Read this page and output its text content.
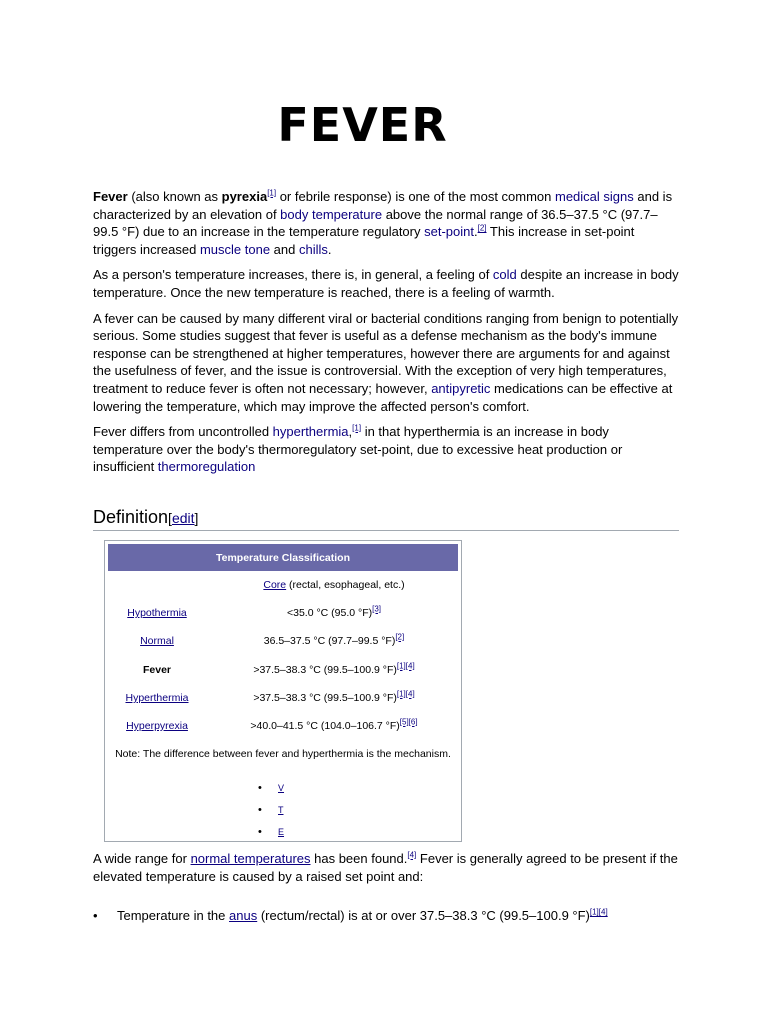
FEVER

Fever (also known as pyrexia[1] or febrile response) is one of the most common medical signs and is characterized by an elevation of body temperature above the normal range of 36.5–37.5 °C (97.7–99.5 °F) due to an increase in the temperature regulatory set-point.[2] This increase in set-point triggers increased muscle tone and chills.

As a person's temperature increases, there is, in general, a feeling of cold despite an increase in body temperature. Once the new temperature is reached, there is a feeling of warmth.

A fever can be caused by many different viral or bacterial conditions ranging from benign to potentially serious. Some studies suggest that fever is useful as a defense mechanism as the body's immune response can be strengthened at higher temperatures, however there are arguments for and against the usefulness of fever, and the issue is controversial. With the exception of very high temperatures, treatment to reduce fever is often not necessary; however, antipyretic medications can be effective at lowering the temperature, which may improve the affected person's comfort.

Fever differs from uncontrolled hyperthermia,[1] in that hyperthermia is an increase in body temperature over the body's thermoregulatory set-point, due to excessive heat production or insufficient thermoregulation

Definition[edit]
Temperature Classification
Core (rectal, esophageal, etc.)
Hypothermia	<35.0 °C (95.0 °F)[3]
Normal	36.5–37.5 °C (97.7–99.5 °F)[2]
Fever	>37.5–38.3 °C (99.5–100.9 °F)[1][4]
Hyperthermia	>37.5–38.3 °C (99.5–100.9 °F)[1][4]
Hyperpyrexia	>40.0–41.5 °C (104.0–106.7 °F)[5][6]
Note: The difference between fever and hyperthermia is the mechanism.
• V
• T
• E

A wide range for normal temperatures has been found.[4] Fever is generally agreed to be present if the elevated temperature is caused by a raised set point and:

• Temperature in the anus (rectum/rectal) is at or over 37.5–38.3 °C (99.5–100.9 °F)[1][4]
